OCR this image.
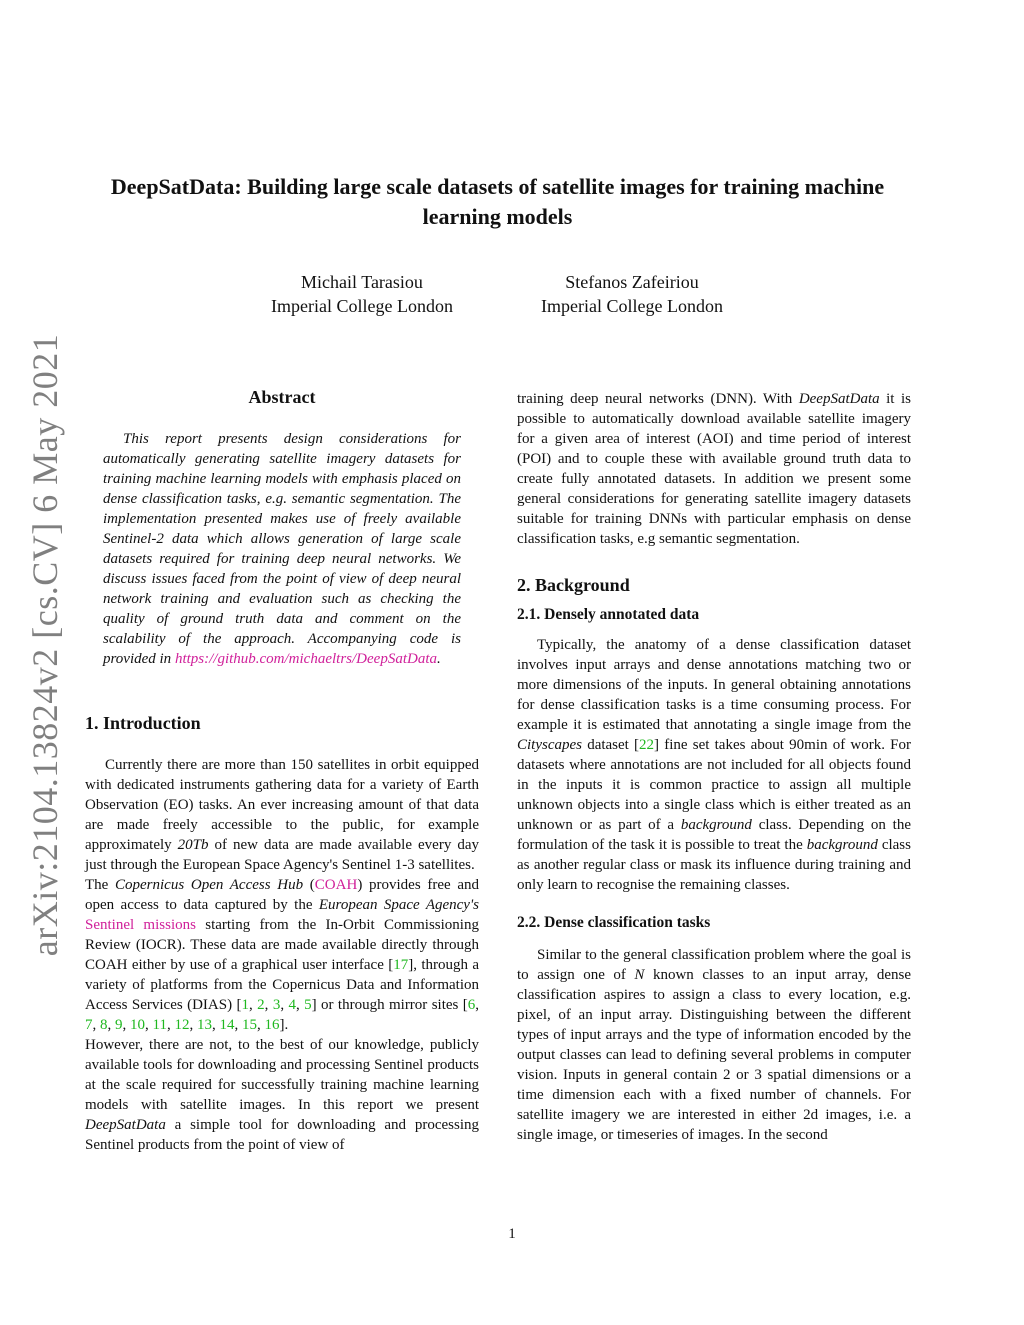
arXiv:2104.13824v2 [cs.CV] 6 May 2021
DeepSatData: Building large scale datasets of satellite images for training machine learning models
Michail Tarasiou
Imperial College London
Stefanos Zafeiriou
Imperial College London
Abstract

This report presents design considerations for automatically generating satellite imagery datasets for training machine learning models with emphasis placed on dense classification tasks, e.g. semantic segmentation. The implementation presented makes use of freely available Sentinel-2 data which allows generation of large scale datasets required for training deep neural networks. We discuss issues faced from the point of view of deep neural network training and evaluation such as checking the quality of ground truth data and comment on the scalability of the approach. Accompanying code is provided in https://github.com/michaeltrs/DeepSatData.

1. Introduction

Currently there are more than 150 satellites in orbit equipped with dedicated instruments gathering data for a variety of Earth Observation (EO) tasks. An ever increasing amount of that data are made freely accessible to the public, for example approximately 20Tb of new data are made available every day just through the European Space Agency's Sentinel 1-3 satellites.

The Copernicus Open Access Hub (COAH) provides free and open access to data captured by the European Space Agency's Sentinel missions starting from the In-Orbit Commissioning Review (IOCR). These data are made available directly through COAH either by use of a graphical user interface [17], through a variety of platforms from the Copernicus Data and Information Access Services (DIAS) [1, 2, 3, 4, 5] or through mirror sites [6, 7, 8, 9, 10, 11, 12, 13, 14, 15, 16].

However, there are not, to the best of our knowledge, publicly available tools for downloading and processing Sentinel products at the scale required for successfully training machine learning models with satellite images. In this report we present DeepSatData a simple tool for downloading and processing Sentinel products from the point of view of

training deep neural networks (DNN). With DeepSatData it is possible to automatically download available satellite imagery for a given area of interest (AOI) and time period of interest (POI) and to couple these with available ground truth data to create fully annotated datasets. In addition we present some general considerations for generating satellite imagery datasets suitable for training DNNs with particular emphasis on dense classification tasks, e.g semantic segmentation.

2. Background
2.1. Densely annotated data

Typically, the anatomy of a dense classification dataset involves input arrays and dense annotations matching two or more dimensions of the inputs. In general obtaining annotations for dense classification tasks is a time consuming process. For example it is estimated that annotating a single image from the Cityscapes dataset [22] fine set takes about 90min of work. For datasets where annotations are not included for all objects found in the inputs it is common practice to assign all multiple unknown objects into a single class which is either treated as an unknown or as part of a background class. Depending on the formulation of the task it is possible to treat the background class as another regular class or mask its influence during training and only learn to recognise the remaining classes.

2.2. Dense classification tasks

Similar to the general classification problem where the goal is to assign one of N known classes to an input array, dense classification aspires to assign a class to every location, e.g. pixel, of an input array. Distinguishing between the different types of input arrays and the type of information encoded by the output classes can lead to defining several problems in computer vision. Inputs in general contain 2 or 3 spatial dimensions or a time dimension each with a fixed number of channels. For satellite imagery we are interested in either 2d images, i.e. a single image, or timeseries of images. In the second

1
